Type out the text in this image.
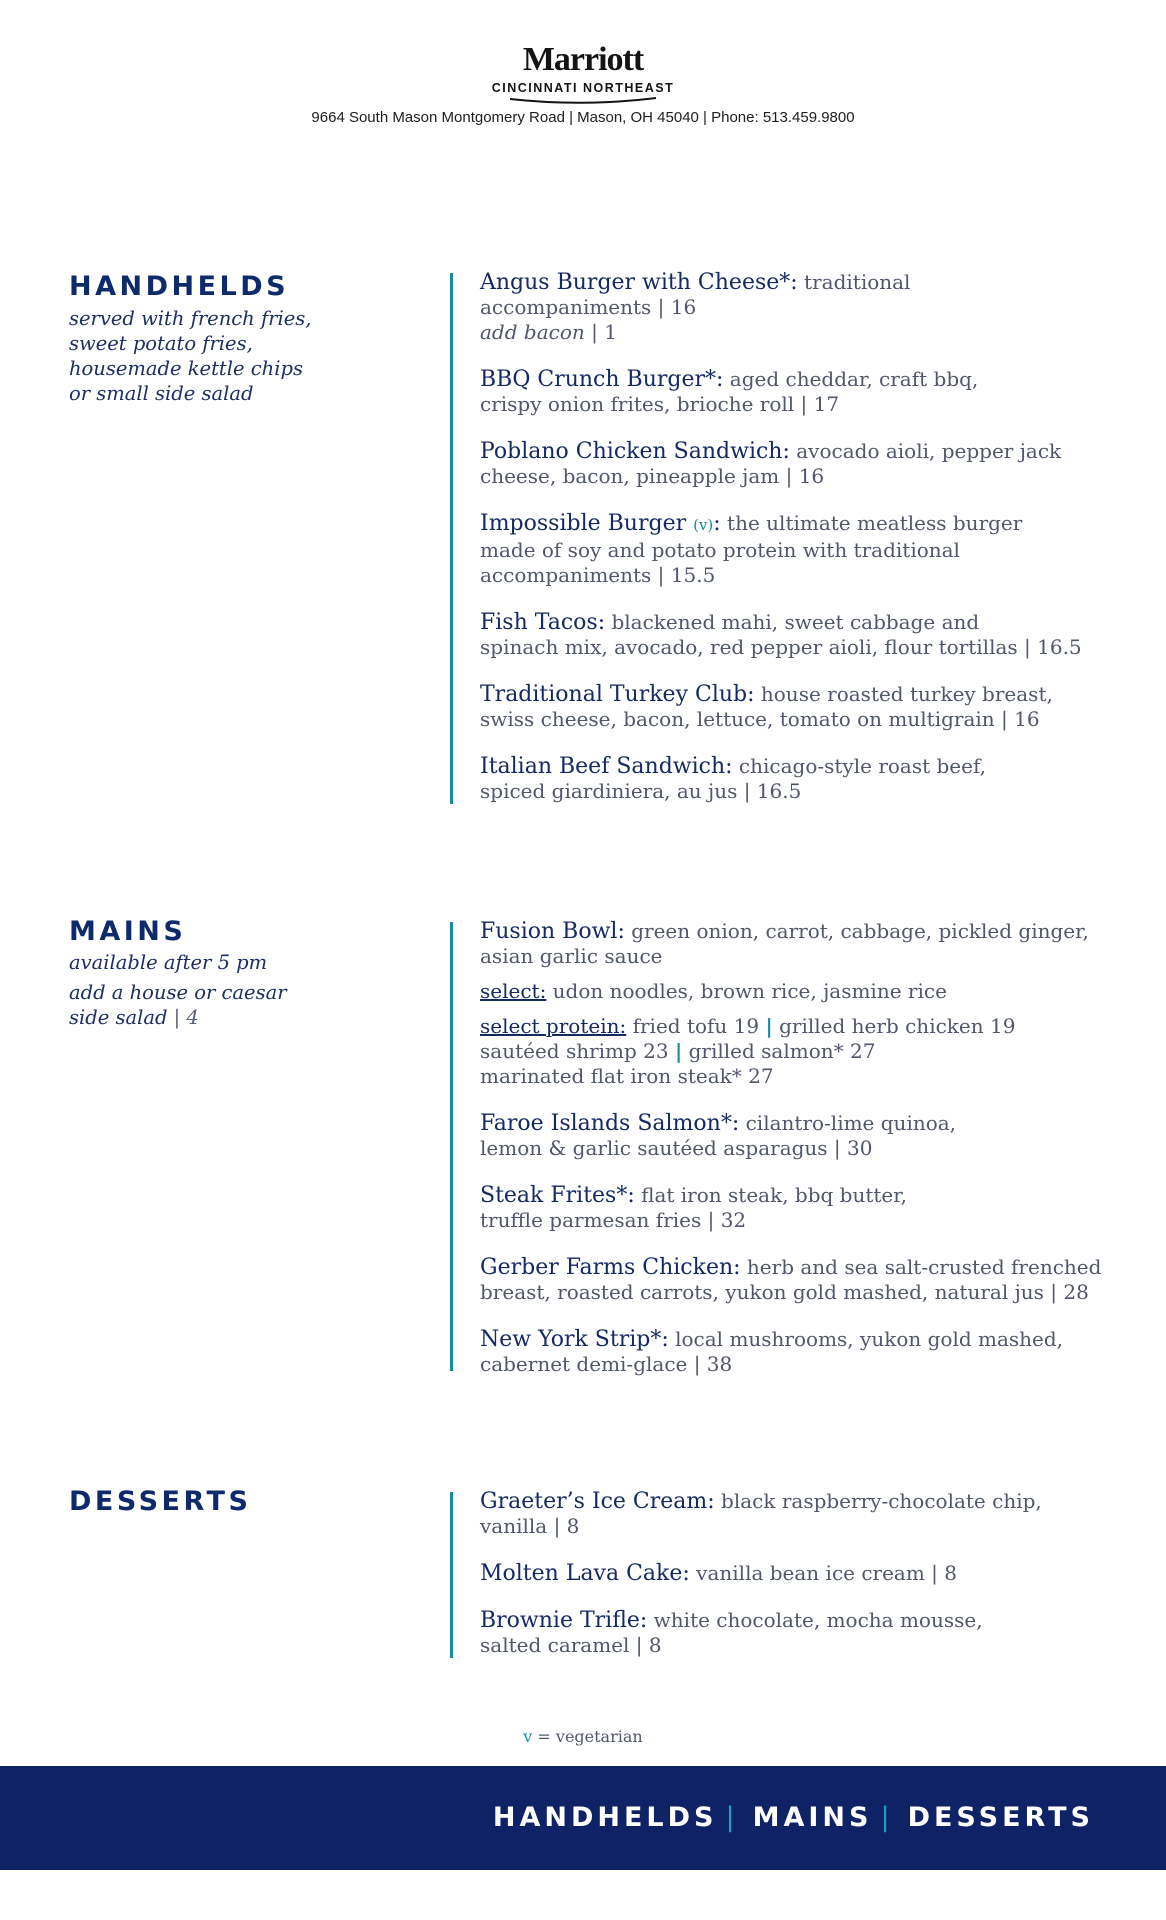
Marriott
CINCINNATI NORTHEAST
9664 South Mason Montgomery Road | Mason, OH 45040 | Phone: 513.459.9800
HANDHELDS

served with french fries,
sweet potato fries,
housemade kettle chips
or small side salad

Angus Burger with Cheese*: traditional
accompaniments | 16
add bacon | 1
BBQ Crunch Burger*: aged cheddar, craft bbq,
crispy onion frites, brioche roll | 17
Poblano Chicken Sandwich: avocado aioli, pepper jack
cheese, bacon, pineapple jam | 16
Impossible Burger (v): the ultimate meatless burger
made of soy and potato protein with traditional
accompaniments | 15.5
Fish Tacos: blackened mahi, sweet cabbage and
spinach mix, avocado, red pepper aioli, flour tortillas | 16.5
Traditional Turkey Club: house roasted turkey breast,
swiss cheese, bacon, lettuce, tomato on multigrain | 16
Italian Beef Sandwich: chicago-style roast beef,
spiced giardiniera, au jus | 16.5
MAINS

available after 5 pm

add a house or caesar
side salad | 4

Fusion Bowl: green onion, carrot, cabbage, pickled ginger,
asian garlic sauce
select: udon noodles, brown rice, jasmine rice
select protein: fried tofu 19 | grilled herb chicken 19
sautéed shrimp 23 | grilled salmon* 27
marinated flat iron steak* 27
Faroe Islands Salmon*: cilantro-lime quinoa,
lemon & garlic sautéed asparagus | 30
Steak Frites*: flat iron steak, bbq butter,
truffle parmesan fries | 32
Gerber Farms Chicken: herb and sea salt-crusted frenched
breast, roasted carrots, yukon gold mashed, natural jus | 28
New York Strip*: local mushrooms, yukon gold mashed,
cabernet demi-glace | 38
DESSERTS	Graeter’s Ice Cream: black raspberry-chocolate chip,
vanilla | 8
Molten Lava Cake: vanilla bean ice cream | 8
Brownie Trifle: white chocolate, mocha mousse,
salted caramel | 8
v = vegetarian
HANDHELDS | MAINS | DESSERTS
